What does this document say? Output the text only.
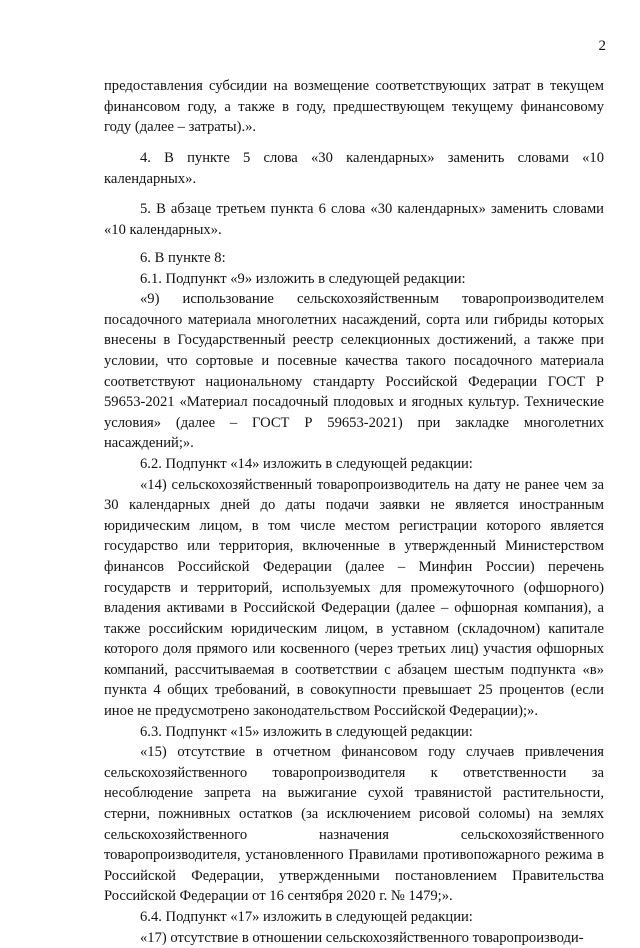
2

предоставления субсидии на возмещение соответствующих затрат в текущем финансовом году, а также в году, предшествующем текущему финансовому году (далее – затраты).».

4. В пункте 5 слова «30 календарных» заменить словами «10 календарных».

5. В абзаце третьем пункта 6 слова «30 календарных» заменить словами «10 календарных».

6. В пункте 8:

6.1. Подпункт «9» изложить в следующей редакции:

«9) использование сельскохозяйственным товаропроизводителем посадочного материала многолетних насаждений, сорта или гибриды которых внесены в Государственный реестр селекционных достижений, а также при условии, что сортовые и посевные качества такого посадочного материала соответствуют национальному стандарту Российской Федерации ГОСТ Р 59653-2021 «Материал посадочный плодовых и ягодных культур. Технические условия» (далее – ГОСТ Р 59653-2021) при закладке многолетних насаждений;».

6.2. Подпункт «14» изложить в следующей редакции:

«14) сельскохозяйственный товаропроизводитель на дату не ранее чем за 30 календарных дней до даты подачи заявки не является иностранным юридическим лицом, в том числе местом регистрации которого является государство или территория, включенные в утвержденный Министерством финансов Российской Федерации (далее – Минфин России) перечень государств и территорий, используемых для промежуточного (офшорного) владения активами в Российской Федерации (далее – офшорная компания), а также российским юридическим лицом, в уставном (складочном) капитале которого доля прямого или косвенного (через третьих лиц) участия офшорных компаний, рассчитываемая в соответствии с абзацем шестым подпункта «в» пункта 4 общих требований, в совокупности превышает 25 процентов (если иное не предусмотрено законодательством Российской Федерации);».

6.3. Подпункт «15» изложить в следующей редакции:

«15) отсутствие в отчетном финансовом году случаев привлечения сельскохозяйственного товаропроизводителя к ответственности за несоблюдение запрета на выжигание сухой травянистой растительности, стерни, пожнивных остатков (за исключением рисовой соломы) на землях сельскохозяйственного назначения сельскохозяйственного товаропроизводителя, установленного Правилами противопожарного режима в Российской Федерации, утвержденными постановлением Правительства Российской Федерации от 16 сентября 2020 г. № 1479;».

6.4. Подпункт «17» изложить в следующей редакции:

«17) отсутствие в отношении сельскохозяйственного товаропроизводи-
